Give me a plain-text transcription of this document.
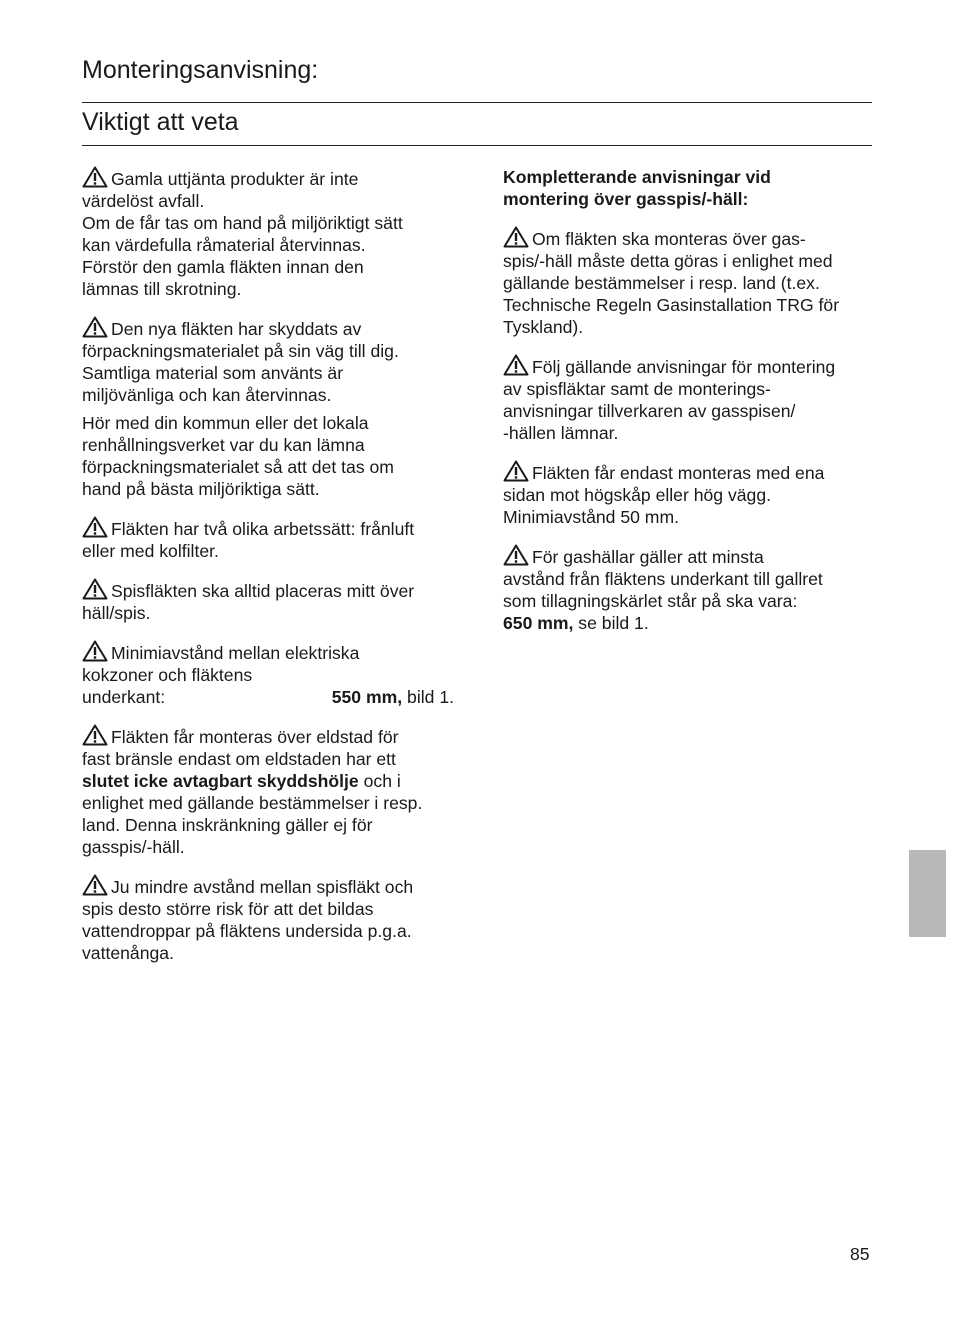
Monteringsanvisning:
Viktigt att veta
Gamla uttjänta produkter är inte
värdelöst avfall.
Om de får tas om hand på miljöriktigt sätt
kan värdefulla råmaterial återvinnas.
Förstör den gamla fläkten innan den
lämnas till skrotning.
Den nya fläkten har skyddats av
förpackningsmaterialet på sin väg till dig.
Samtliga material som använts är
miljövänliga och kan återvinnas.
Hör med din kommun eller det lokala
renhållningsverket var du kan lämna
förpackningsmaterialet så att det tas om
hand på bästa miljöriktiga sätt.
Fläkten har två olika arbetssätt: frånluft
eller med kolfilter.
Spisfläkten ska alltid placeras mitt över
häll/spis.
Minimiavstånd mellan elektriska
kokzoner och fläktens
underkant:	550 mm, bild 1.
Fläkten får monteras över eldstad för
fast bränsle endast om eldstaden har ett
slutet icke avtagbart skyddshölje och i
enlighet med gällande bestämmelser i resp.
land. Denna inskränkning gäller ej för
gasspis/-häll.
Ju mindre avstånd mellan spisfläkt och
spis desto större risk för att det bildas
vattendroppar på fläktens undersida p.g.a.
vattenånga.
Kompletterande anvisningar vid
montering över gasspis/-häll:
Om fläkten ska monteras över gas-
spis/-häll måste detta göras i enlighet med
gällande bestämmelser i resp. land (t.ex.
Technische Regeln Gasinstallation TRG för
Tyskland).
Följ gällande anvisningar för montering
av spisfläktar samt de monterings-
anvisningar tillverkaren av gasspisen/
-hällen lämnar.
Fläkten får endast monteras med ena
sidan mot högskåp eller hög vägg.
Minimiavstånd 50 mm.
För gashällar gäller att minsta
avstånd från fläktens underkant till gallret
som tillagningskärlet står på ska vara:
650 mm, se bild 1.
85
